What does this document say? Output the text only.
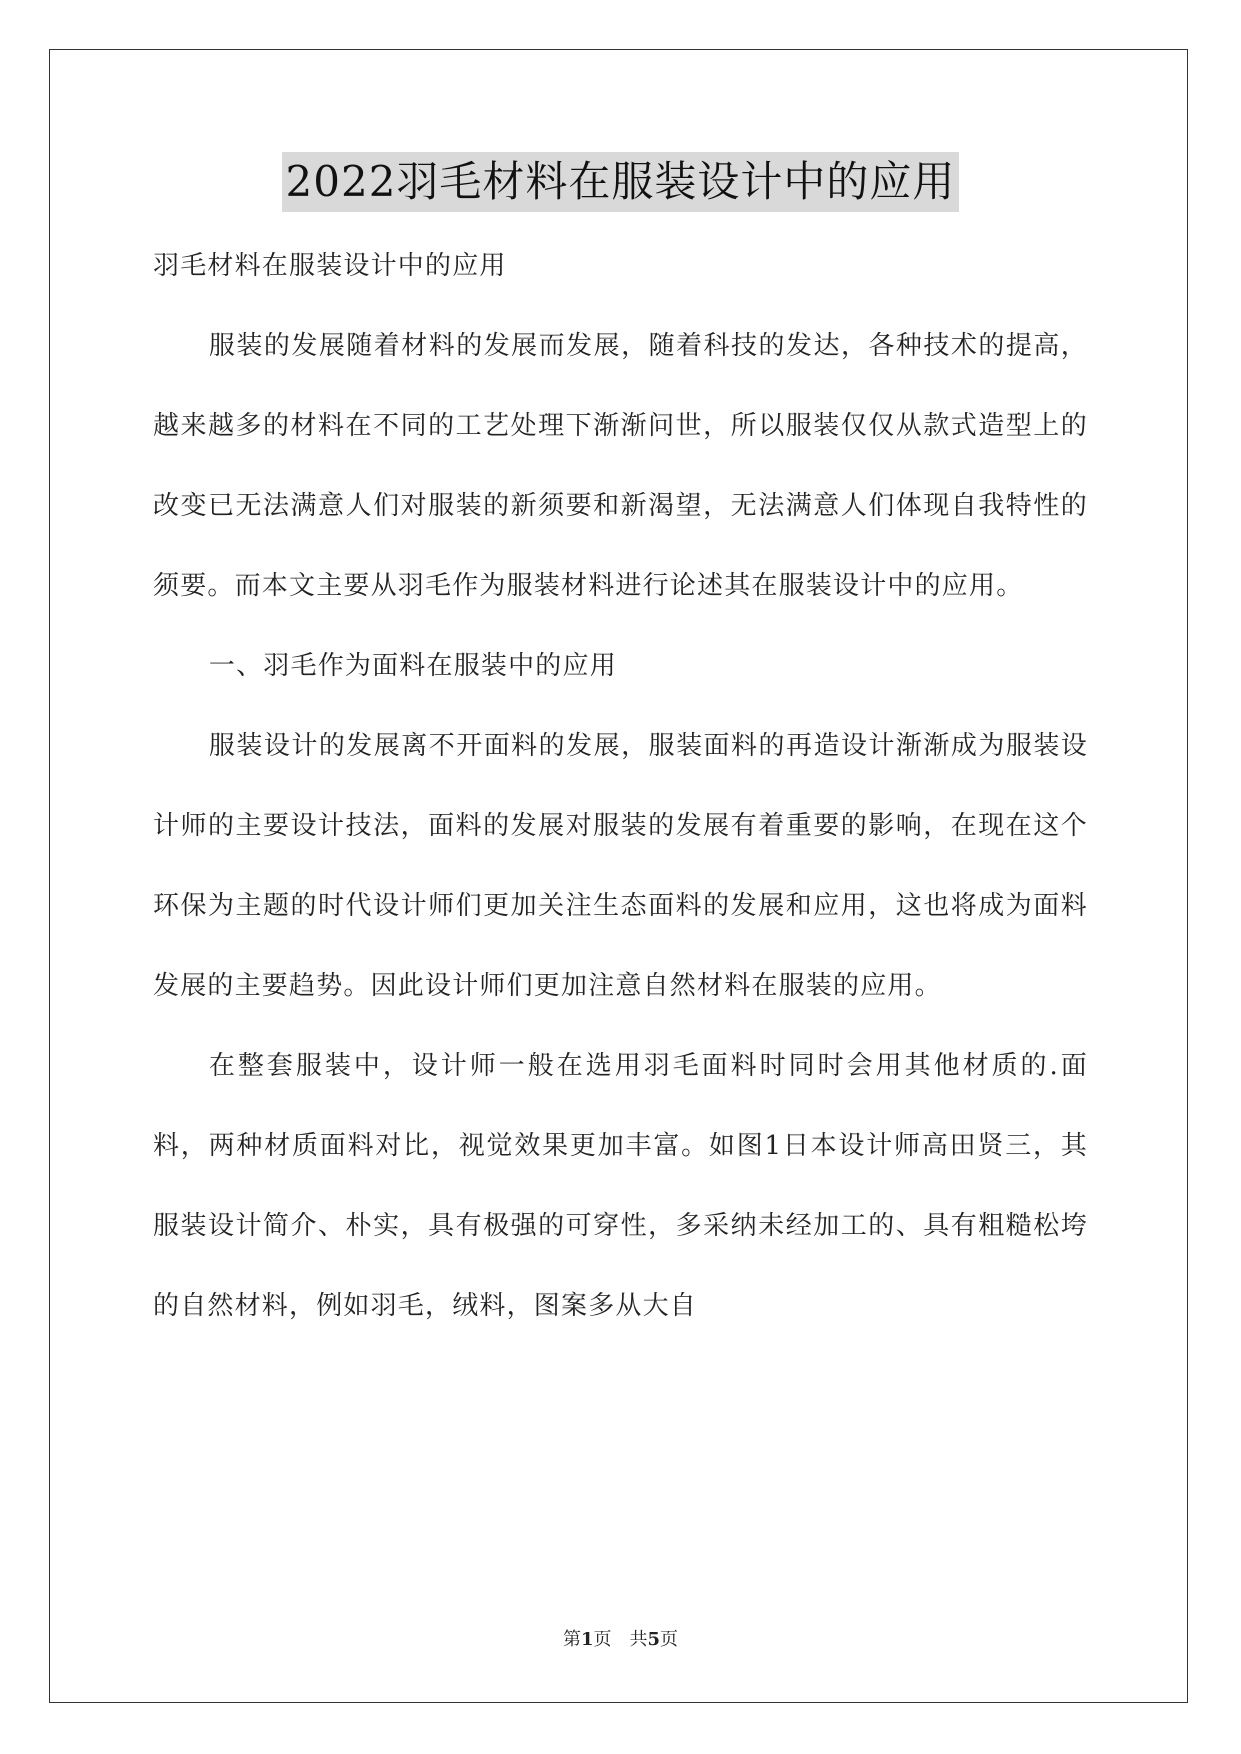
2022羽毛材料在服装设计中的应用

羽毛材料在服装设计中的应用

服装的发展随着材料的发展而发展，随着科技的发达，各种技术的提高，越来越多的材料在不同的工艺处理下渐渐问世，所以服装仅仅从款式造型上的改变已无法满意人们对服装的新须要和新渴望，无法满意人们体现自我特性的须要。而本文主要从羽毛作为服装材料进行论述其在服装设计中的应用。

一、羽毛作为面料在服装中的应用

服装设计的发展离不开面料的发展，服装面料的再造设计渐渐成为服装设计师的主要设计技法，面料的发展对服装的发展有着重要的影响，在现在这个环保为主题的时代设计师们更加关注生态面料的发展和应用，这也将成为面料发展的主要趋势。因此设计师们更加注意自然材料在服装的应用。

在整套服装中，设计师一般在选用羽毛面料时同时会用其他材质的.面料，两种材质面料对比，视觉效果更加丰富。如图1日本设计师高田贤三，其服装设计简介、朴实，具有极强的可穿性，多采纳未经加工的、具有粗糙松垮的自然材料，例如羽毛，绒料，图案多从大自

第1页　共5页
